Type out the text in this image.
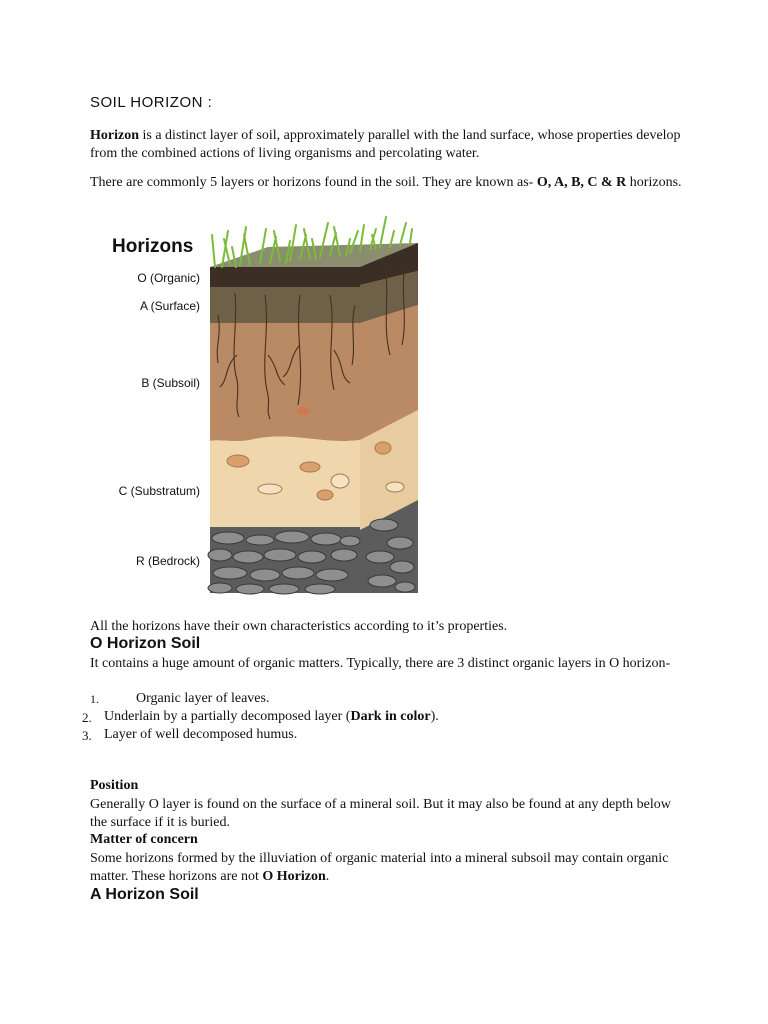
SOIL HORIZON :
Horizon is a distinct layer of soil, approximately parallel with the land surface, whose properties develop from the combined actions of living organisms and percolating water.
There are commonly 5 layers or horizons found in the soil. They are known as- O, A, B, C & R horizons.
Horizons
O (Organic)
A (Surface)
B (Subsoil)
C (Substratum)
R (Bedrock)
All the horizons have their own characteristics according to it’s properties.
O Horizon Soil
It contains a huge amount of organic matters. Typically, there are 3 distinct organic layers in O horizon-
1.	Organic layer of leaves.
2. Underlain by a partially decomposed layer (Dark in color).
3. Layer of well decomposed humus.
Position
Generally O layer is found on the surface of a mineral soil. But it may also be found at any depth below the surface if it is buried.
Matter of concern
Some horizons formed by the illuviation of organic material into a mineral subsoil may contain organic matter. These horizons are not O Horizon.
A Horizon Soil
